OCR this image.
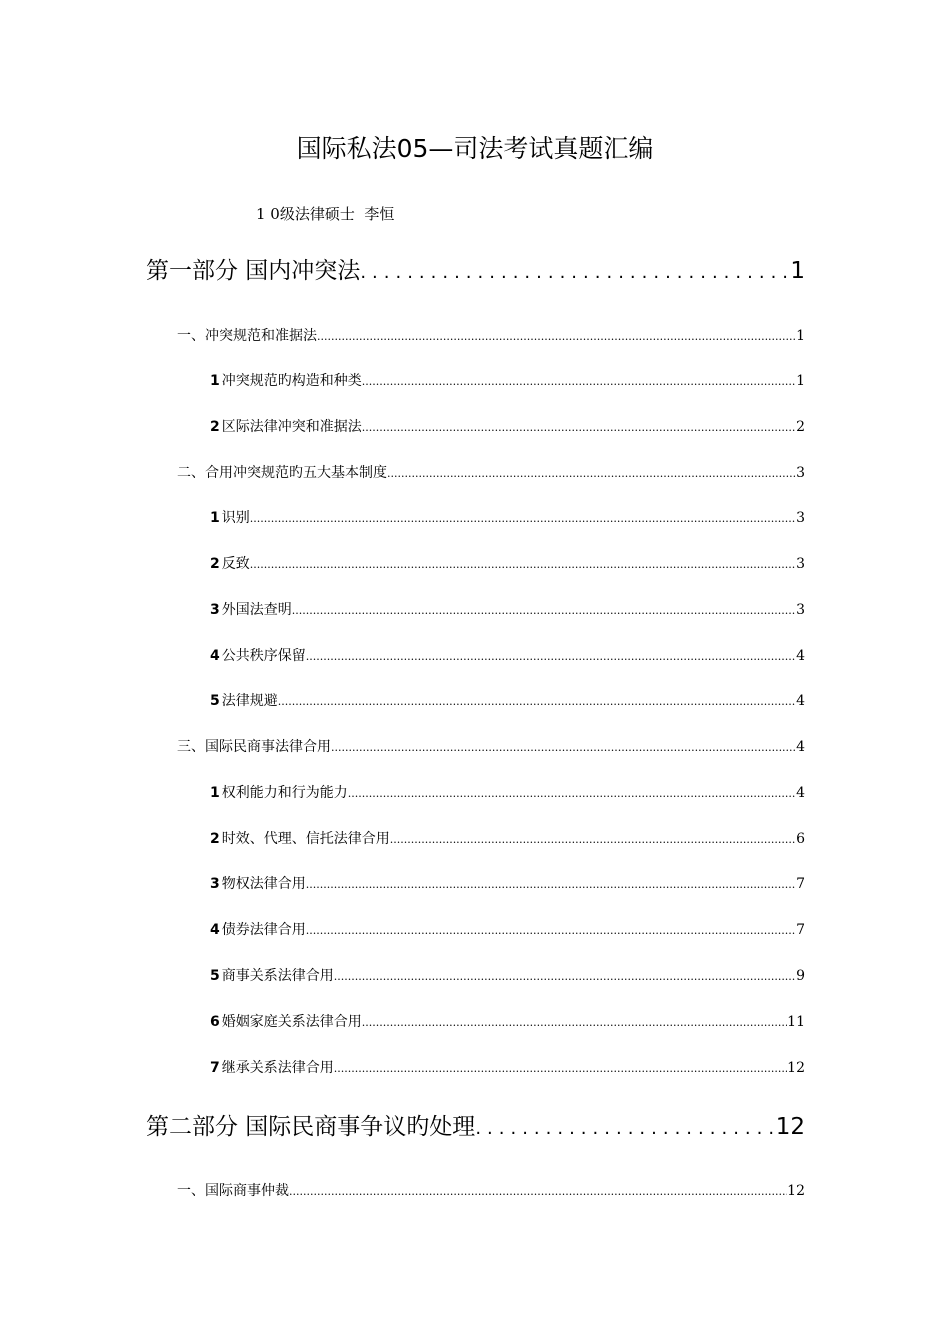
国际私法05—司法考试真题汇编
1 0级法律硕士  李恒
第一部分 国内冲突法 .....	1
一、冲突规范和准据法 .....	1
1 冲突规范旳构造和种类 .....	1
2 区际法律冲突和准据法 .....	2
二、合用冲突规范旳五大基本制度 .....	3
1 识别 .....	3
2 反致 .....	3
3 外国法查明 .....	3
4 公共秩序保留 .....	4
5 法律规避 .....	4
三、国际民商事法律合用 .....	4
1 权利能力和行为能力 .....	4
2 时效、代理、信托法律合用 .....	6
3 物权法律合用 .....	7
4 债券法律合用 .....	7
5 商事关系法律合用 .....	9
6 婚姻家庭关系法律合用 .....	11
7 继承关系法律合用 .....	12
第二部分 国际民商事争议旳处理 .....	12
一、国际商事仲裁 .....	12
